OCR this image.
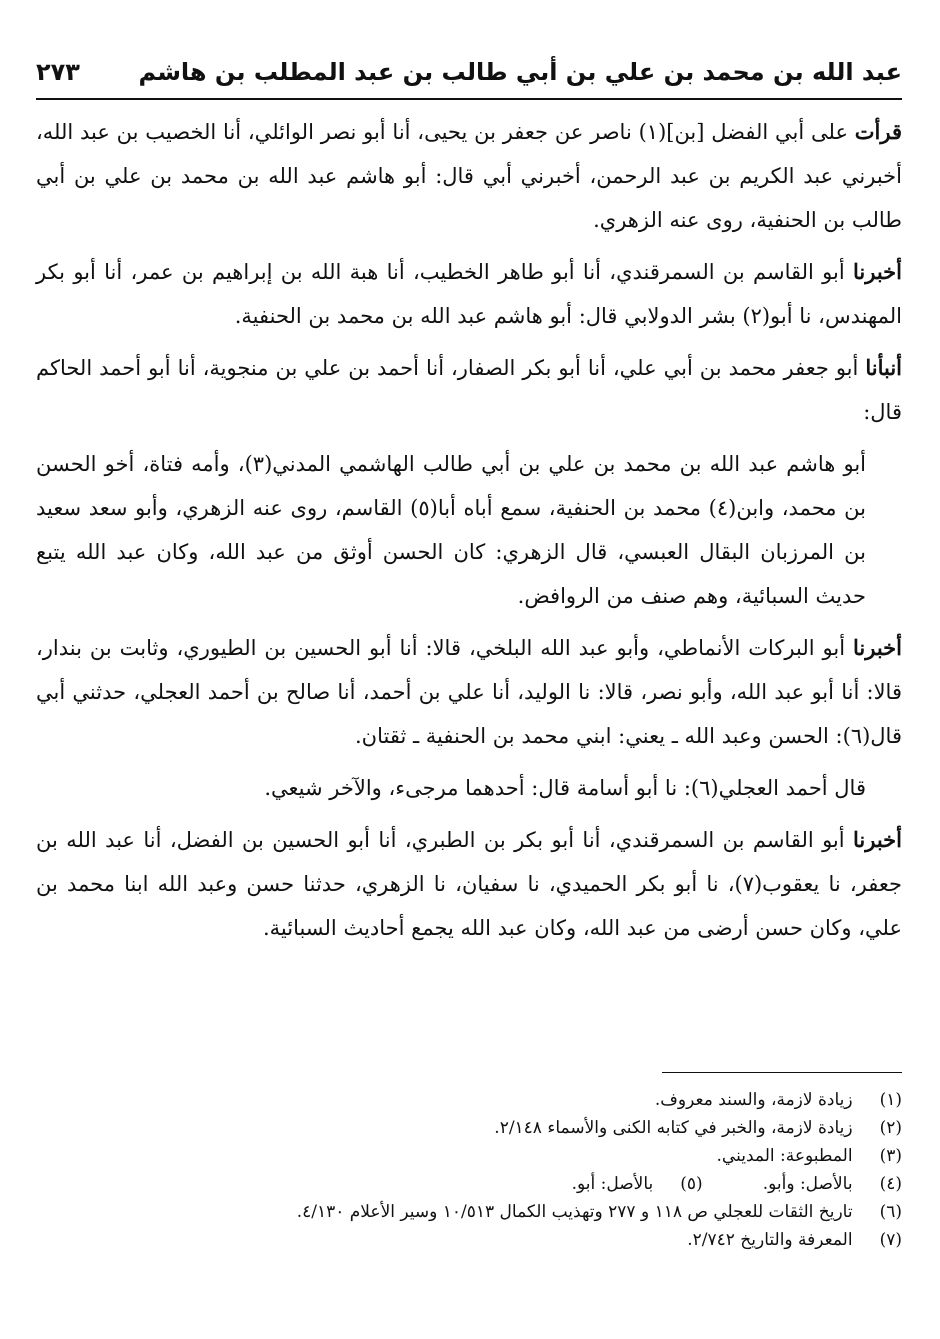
عبد الله بن محمد بن علي بن أبي طالب بن عبد المطلب بن هاشم
٢٧٣

قرأت على أبي الفضل [بن](١) ناصر عن جعفر بن يحيى، أنا أبو نصر الوائلي، أنا الخصيب بن عبد الله، أخبرني عبد الكريم بن عبد الرحمن، أخبرني أبي قال: أبو هاشم عبد الله بن محمد بن علي بن أبي طالب بن الحنفية، روى عنه الزهري.

أخبرنا أبو القاسم بن السمرقندي، أنا أبو طاهر الخطيب، أنا هبة الله بن إبراهيم بن عمر، أنا أبو بكر المهندس، نا أبو(٢) بشر الدولابي قال: أبو هاشم عبد الله بن محمد بن الحنفية.

أنبأنا أبو جعفر محمد بن أبي علي، أنا أبو بكر الصفار، أنا أحمد بن علي بن منجوية، أنا أبو أحمد الحاكم قال:

أبو هاشم عبد الله بن محمد بن علي بن أبي طالب الهاشمي المدني(٣)، وأمه فتاة، أخو الحسن بن محمد، وابن(٤) محمد بن الحنفية، سمع أباه أبا(٥) القاسم، روى عنه الزهري، وأبو سعد سعيد بن المرزبان البقال العبسي، قال الزهري: كان الحسن أوثق من عبد الله، وكان عبد الله يتبع حديث السبائية، وهم صنف من الروافض.

أخبرنا أبو البركات الأنماطي، وأبو عبد الله البلخي، قالا: أنا أبو الحسين بن الطيوري، وثابت بن بندار، قالا: أنا أبو عبد الله، وأبو نصر، قالا: نا الوليد، أنا علي بن أحمد، أنا صالح بن أحمد العجلي، حدثني أبي قال(٦): الحسن وعبد الله ـ يعني: ابني محمد بن الحنفية ـ ثقتان.

قال أحمد العجلي(٦): نا أبو أسامة قال: أحدهما مرجىء، والآخر شيعي.

أخبرنا أبو القاسم بن السمرقندي، أنا أبو بكر بن الطبري، أنا أبو الحسين بن الفضل، أنا عبد الله بن جعفر، نا يعقوب(٧)، نا أبو بكر الحميدي، نا سفيان، نا الزهري، حدثنا حسن وعبد الله ابنا محمد بن علي، وكان حسن أرضى من عبد الله، وكان عبد الله يجمع أحاديث السبائية.

(١) زيادة لازمة، والسند معروف.
(٢) زيادة لازمة، والخبر في كتابه الكنى والأسماء ٢/١٤٨.
(٣) المطبوعة: المديني.
(٤) بالأصل: وأبو.
(٥) بالأصل: أبو.
(٦) تاريخ الثقات للعجلي ص ١١٨ و ٢٧٧ وتهذيب الكمال ١٠/٥١٣ وسير الأعلام ٤/١٣٠.
(٧) المعرفة والتاريخ ٢/٧٤٢.
